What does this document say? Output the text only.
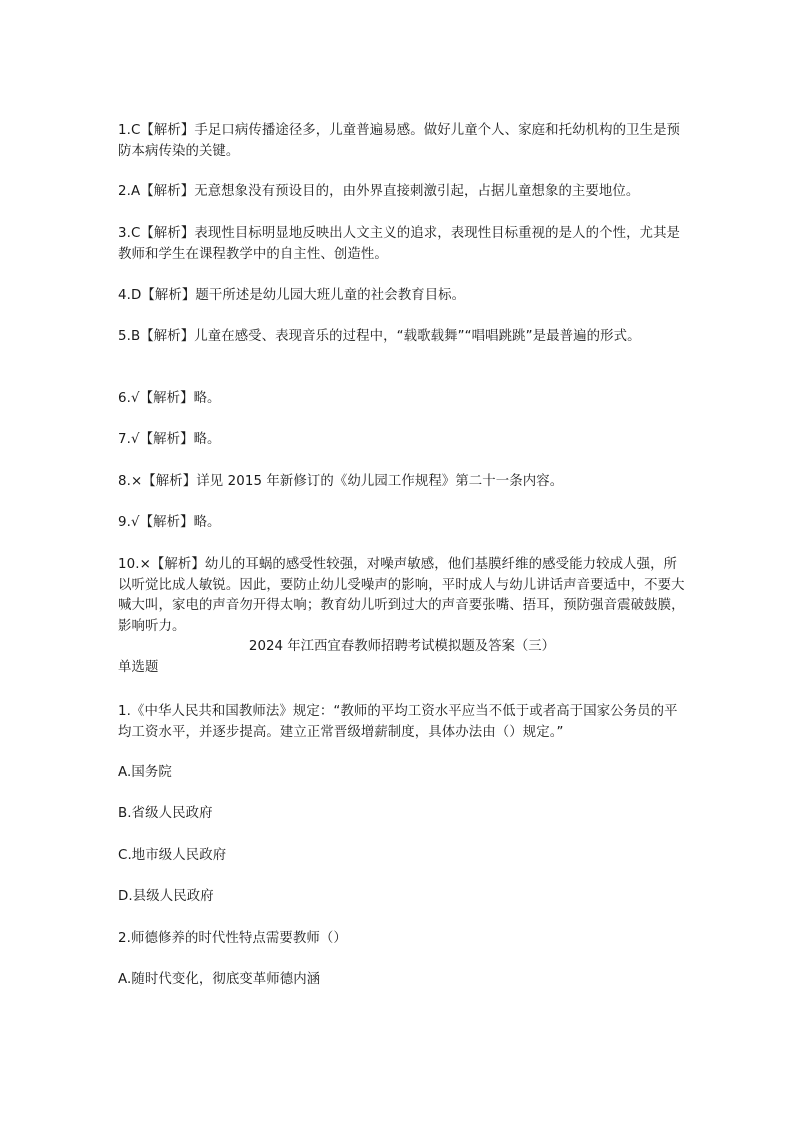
1.C【解析】手足口病传播途径多，儿童普遍易感。做好儿童个人、家庭和托幼机构的卫生是预防本病传染的关键。

2.A【解析】无意想象没有预设目的，由外界直接刺激引起，占据儿童想象的主要地位。

3.C【解析】表现性目标明显地反映出人文主义的追求，表现性目标重视的是人的个性，尤其是教师和学生在课程教学中的自主性、创造性。

4.D【解析】题干所述是幼儿园大班儿童的社会教育目标。

5.B【解析】儿童在感受、表现音乐的过程中，“载歌载舞”“唱唱跳跳”是最普遍的形式。

6.√【解析】略。

7.√【解析】略。

8.×【解析】详见 2015 年新修订的《幼儿园工作规程》第二十一条内容。

9.√【解析】略。

10.×【解析】幼儿的耳蜗的感受性较强，对噪声敏感，他们基膜纤维的感受能力较成人强，所以听觉比成人敏锐。因此，要防止幼儿受噪声的影响，平时成人与幼儿讲话声音要适中，不要大喊大叫，家电的声音勿开得太响；教育幼儿听到过大的声音要张嘴、捂耳，预防强音震破鼓膜，影响听力。

2024 年江西宜春教师招聘考试模拟题及答案（三）

单选题

1.《中华人民共和国教师法》规定：“教师的平均工资水平应当不低于或者高于国家公务员的平均工资水平，并逐步提高。建立正常晋级增薪制度，具体办法由（）规定。”

A.国务院

B.省级人民政府

C.地市级人民政府

D.县级人民政府

2.师德修养的时代性特点需要教师（）

A.随时代变化，彻底变革师德内涵
